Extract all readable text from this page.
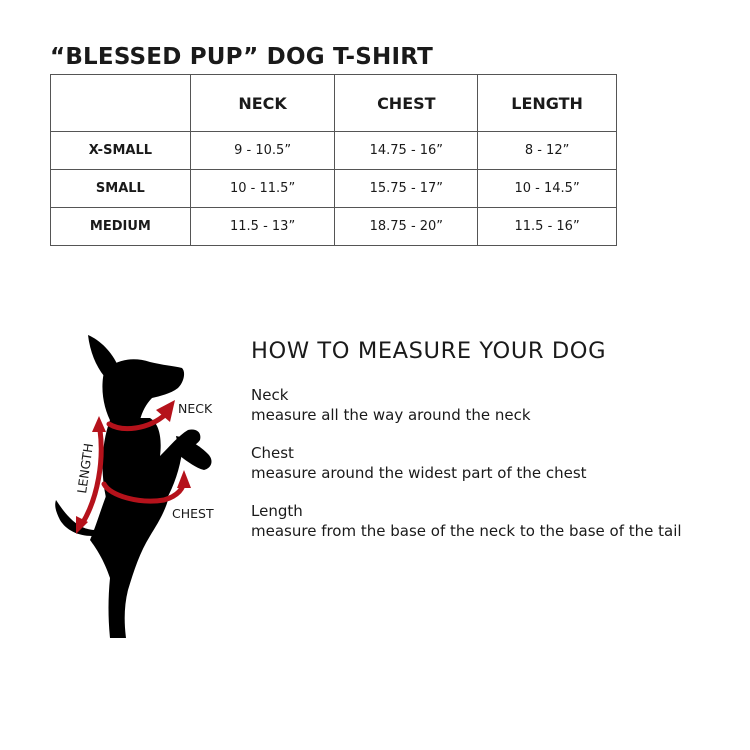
“BLESSED PUP” DOG T-SHIRT
	NECK	CHEST	LENGTH
X-SMALL	9 - 10.5”	14.75 - 16”	8 - 12”
SMALL	10 - 11.5”	15.75 - 17”	10 - 14.5”
MEDIUM	11.5 - 13”	18.75 - 20”	11.5 - 16”
NECK
CHEST
LENGTH
HOW TO MEASURE YOUR DOG
Neck
measure all the way around the neck
Chest
measure around the widest part of the chest
Length
measure from the base of the neck to the base of the tail
